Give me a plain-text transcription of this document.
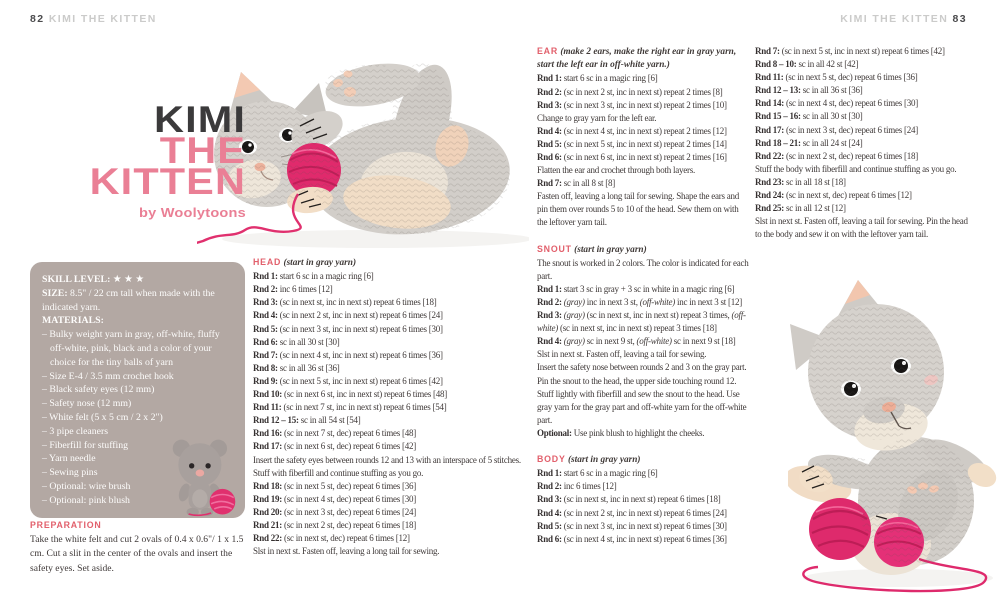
82 KIMI THE KITTEN	KIMI THE KITTEN 83
KIMI
THE
KITTEN
by Woolytoons
SKILL LEVEL: ★ ★ ★
SIZE: 8.5" / 22 cm tall when made with the indicated yarn.
MATERIALS:
– Bulky weight yarn in gray, off-white, fluffy off-white, pink, black and a color of your choice for the tiny balls of yarn
– Size E-4 / 3.5 mm crochet hook
– Black safety eyes (12 mm)
– Safety nose (12 mm)
– White felt (5 x 5 cm / 2 x 2")
– 3 pipe cleaners
– Fiberfill for stuffing
– Yarn needle
– Sewing pins
– Optional: wire brush
– Optional: pink blush
PREPARATION
Take the white felt and cut 2 ovals of 0.4 x 0.6"/ 1 x 1.5 cm. Cut a slit in the center of the ovals and insert the safety eyes. Set aside.
HEAD (start in gray yarn)
Rnd 1: start 6 sc in a magic ring [6]
Rnd 2: inc 6 times [12]
Rnd 3: (sc in next st, inc in next st) repeat 6 times [18]
Rnd 4: (sc in next 2 st, inc in next st) repeat 6 times [24]
Rnd 5: (sc in next 3 st, inc in next st) repeat 6 times [30]
Rnd 6: sc in all 30 st [30]
Rnd 7: (sc in next 4 st, inc in next st) repeat 6 times [36]
Rnd 8: sc in all 36 st [36]
Rnd 9: (sc in next 5 st, inc in next st) repeat 6 times [42]
Rnd 10: (sc in next 6 st, inc in next st) repeat 6 times [48]
Rnd 11: (sc in next 7 st, inc in next st) repeat 6 times [54]
Rnd 12 – 15: sc in all 54 st [54]
Rnd 16: (sc in next 7 st, dec) repeat 6 times [48]
Rnd 17: (sc in next 6 st, dec) repeat 6 times [42]
Insert the safety eyes between rounds 12 and 13 with an interspace of 5 stitches. Stuff with fiberfill and continue stuffing as you go.
Rnd 18: (sc in next 5 st, dec) repeat 6 times [36]
Rnd 19: (sc in next 4 st, dec) repeat 6 times [30]
Rnd 20: (sc in next 3 st, dec) repeat 6 times [24]
Rnd 21: (sc in next 2 st, dec) repeat 6 times [18]
Rnd 22: (sc in next st, dec) repeat 6 times [12]
Slst in next st. Fasten off, leaving a long tail for sewing.
EAR (make 2 ears, make the right ear in gray yarn, start the left ear in off-white yarn.)
Rnd 1: start 6 sc in a magic ring [6]
Rnd 2: (sc in next 2 st, inc in next st) repeat 2 times [8]
Rnd 3: (sc in next 3 st, inc in next st) repeat 2 times [10]
Change to gray yarn for the left ear.
Rnd 4: (sc in next 4 st, inc in next st) repeat 2 times [12]
Rnd 5: (sc in next 5 st, inc in next st) repeat 2 times [14]
Rnd 6: (sc in next 6 st, inc in next st) repeat 2 times [16]
Flatten the ear and crochet through both layers.
Rnd 7: sc in all 8 st [8]
Fasten off, leaving a long tail for sewing. Shape the ears and pin them over rounds 5 to 10 of the head. Sew them on with the leftover yarn tail.
SNOUT (start in gray yarn)
The snout is worked in 2 colors. The color is indicated for each part.
Rnd 1: start 3 sc in gray + 3 sc in white in a magic ring [6]
Rnd 2: (gray) inc in next 3 st, (off-white) inc in next 3 st [12]
Rnd 3: (gray) (sc in next st, inc in next st) repeat 3 times, (off-white) (sc in next st, inc in next st) repeat 3 times [18]
Rnd 4: (gray) sc in next 9 st, (off-white) sc in next 9 st [18]
Slst in next st. Fasten off, leaving a tail for sewing.
Insert the safety nose between rounds 2 and 3 on the gray part. Pin the snout to the head, the upper side touching round 12. Stuff lightly with fiberfill and sew the snout to the head. Use gray yarn for the gray part and off-white yarn for the off-white part.
Optional: Use pink blush to highlight the cheeks.
BODY (start in gray yarn)
Rnd 1: start 6 sc in a magic ring [6]
Rnd 2: inc 6 times [12]
Rnd 3: (sc in next st, inc in next st) repeat 6 times [18]
Rnd 4: (sc in next 2 st, inc in next st) repeat 6 times [24]
Rnd 5: (sc in next 3 st, inc in next st) repeat 6 times [30]
Rnd 6: (sc in next 4 st, inc in next st) repeat 6 times [36]
Rnd 7: (sc in next 5 st, inc in next st) repeat 6 times [42]
Rnd 8 – 10: sc in all 42 st [42]
Rnd 11: (sc in next 5 st, dec) repeat 6 times [36]
Rnd 12 – 13: sc in all 36 st [36]
Rnd 14: (sc in next 4 st, dec) repeat 6 times [30]
Rnd 15 – 16: sc in all 30 st [30]
Rnd 17: (sc in next 3 st, dec) repeat 6 times [24]
Rnd 18 – 21: sc in all 24 st [24]
Rnd 22: (sc in next 2 st, dec) repeat 6 times [18]
Stuff the body with fiberfill and continue stuffing as you go.
Rnd 23: sc in all 18 st [18]
Rnd 24: (sc in next st, dec) repeat 6 times [12]
Rnd 25: sc in all 12 st [12]
Slst in next st. Fasten off, leaving a tail for sewing. Pin the head to the body and sew it on with the leftover yarn tail.
